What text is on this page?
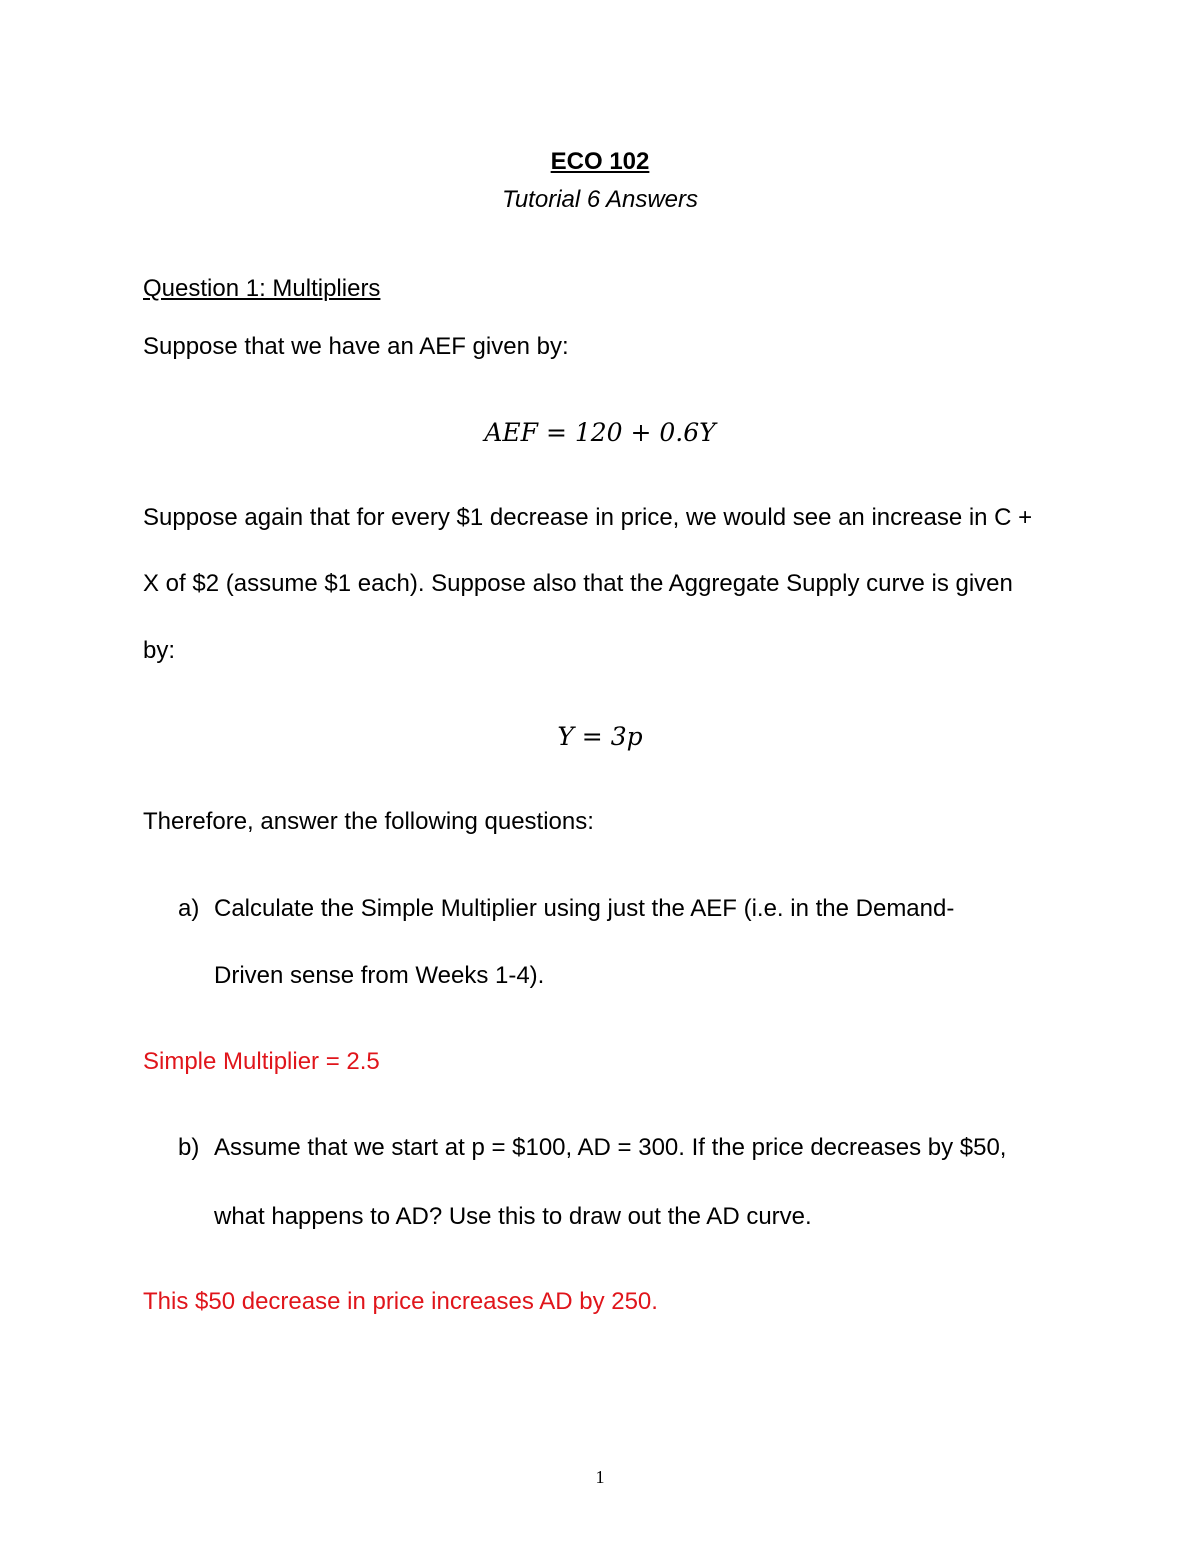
ECO 102
Tutorial 6 Answers
Question 1: Multipliers
Suppose that we have an AEF given by:
AEF = 120 + 0.6Y
Suppose again that for every $1 decrease in price, we would see an increase in C +
X of $2 (assume $1 each). Suppose also that the Aggregate Supply curve is given
by:
Y = 3p
Therefore, answer the following questions:
a) Calculate the Simple Multiplier using just the AEF (i.e. in the Demand-
Driven sense from Weeks 1-4).
Simple Multiplier = 2.5
b) Assume that we start at p = $100, AD = 300. If the price decreases by $50,
what happens to AD? Use this to draw out the AD curve.
This $50 decrease in price increases AD by 250.
1
